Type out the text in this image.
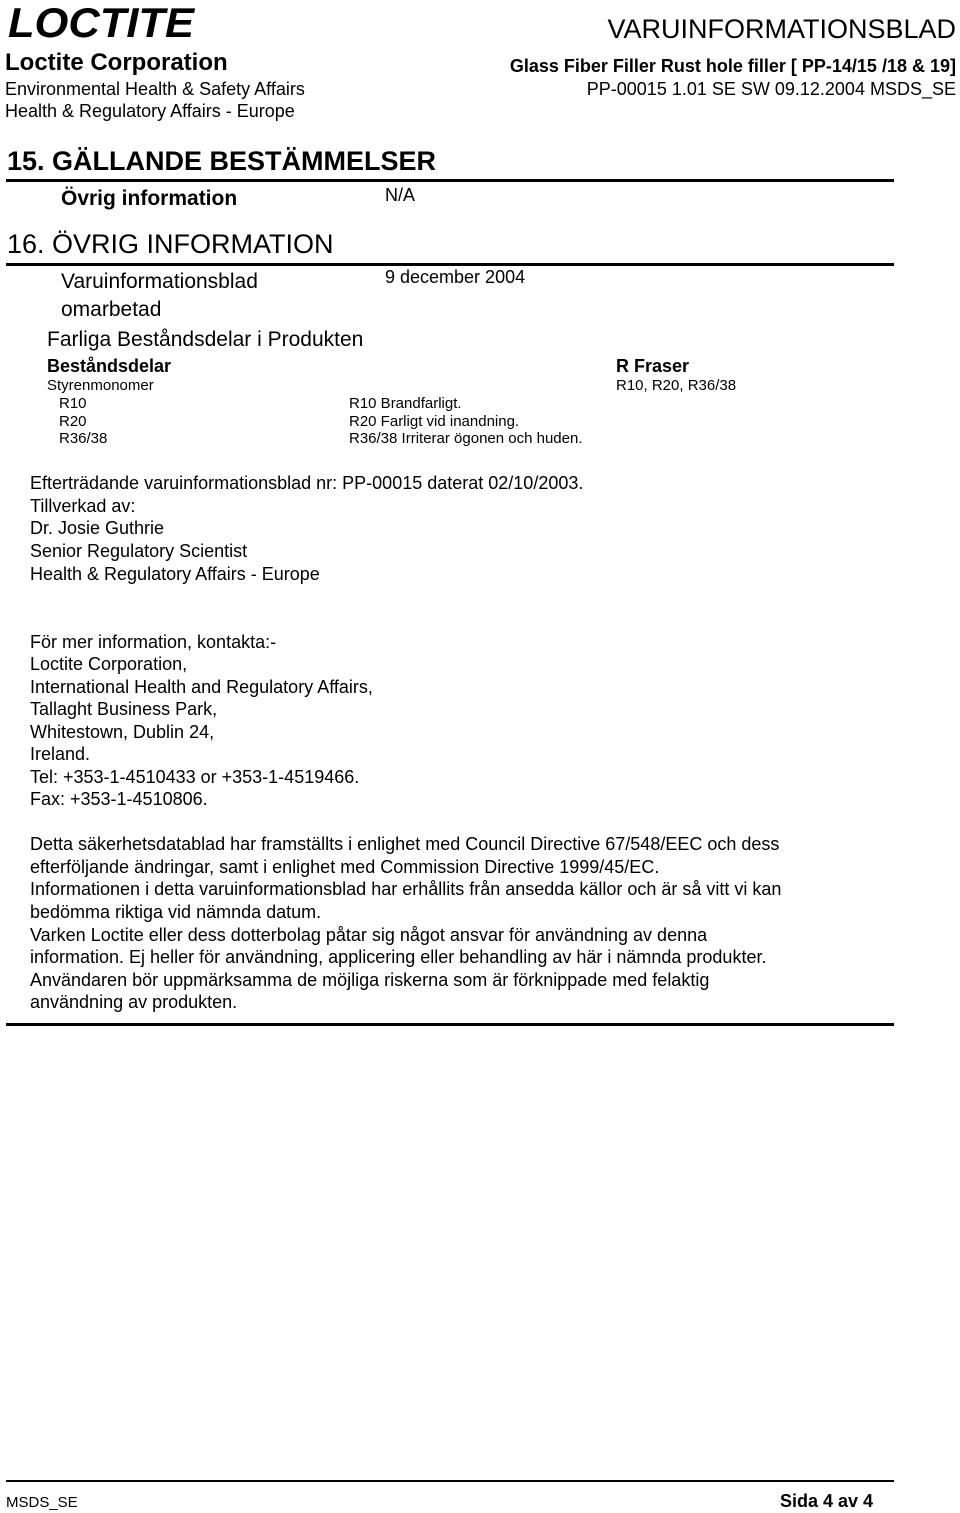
LOCTITE
Loctite Corporation
Environmental Health & Safety Affairs
Health & Regulatory Affairs - Europe
VARUINFORMATIONSBLAD
Glass Fiber Filler Rust hole filler [ PP-14/15 /18 & 19]
PP-00015 1.01 SE SW 09.12.2004 MSDS_SE
15. GÄLLANDE BESTÄMMELSER
Övrig information	N/A
16. ÖVRIG INFORMATION
Varuinformationsblad
omarbetad
9 december 2004
Farliga Beståndsdelar i Produkten
Beståndsdelar	R Fraser
Styrenmonomer	R10, R20, R36/38
R10	R10 Brandfarligt.
R20	R20 Farligt vid inandning.
R36/38	R36/38 Irriterar ögonen och huden.
Efterträdande varuinformationsblad nr: PP-00015 daterat 02/10/2003.
Tillverkad av:
Dr. Josie Guthrie
Senior Regulatory Scientist
Health & Regulatory Affairs - Europe
För mer information, kontakta:-
Loctite Corporation,
International Health and Regulatory Affairs,
Tallaght Business Park,
Whitestown, Dublin 24,
Ireland.
Tel: +353-1-4510433 or +353-1-4519466.
Fax: +353-1-4510806.
Detta säkerhetsdatablad har framställts i enlighet med Council Directive 67/548/EEC och dess
efterföljande ändringar, samt i enlighet med Commission Directive 1999/45/EC.
Informationen i detta varuinformationsblad har erhållits från ansedda källor och är så vitt vi kan
bedömma riktiga vid nämnda datum.
Varken Loctite eller dess dotterbolag påtar sig något ansvar för användning av denna
information. Ej heller för användning, applicering eller behandling av här i nämnda produkter.
Användaren bör uppmärksamma de möjliga riskerna som är förknippade med felaktig
användning av produkten.
MSDS_SE	Sida 4 av 4
